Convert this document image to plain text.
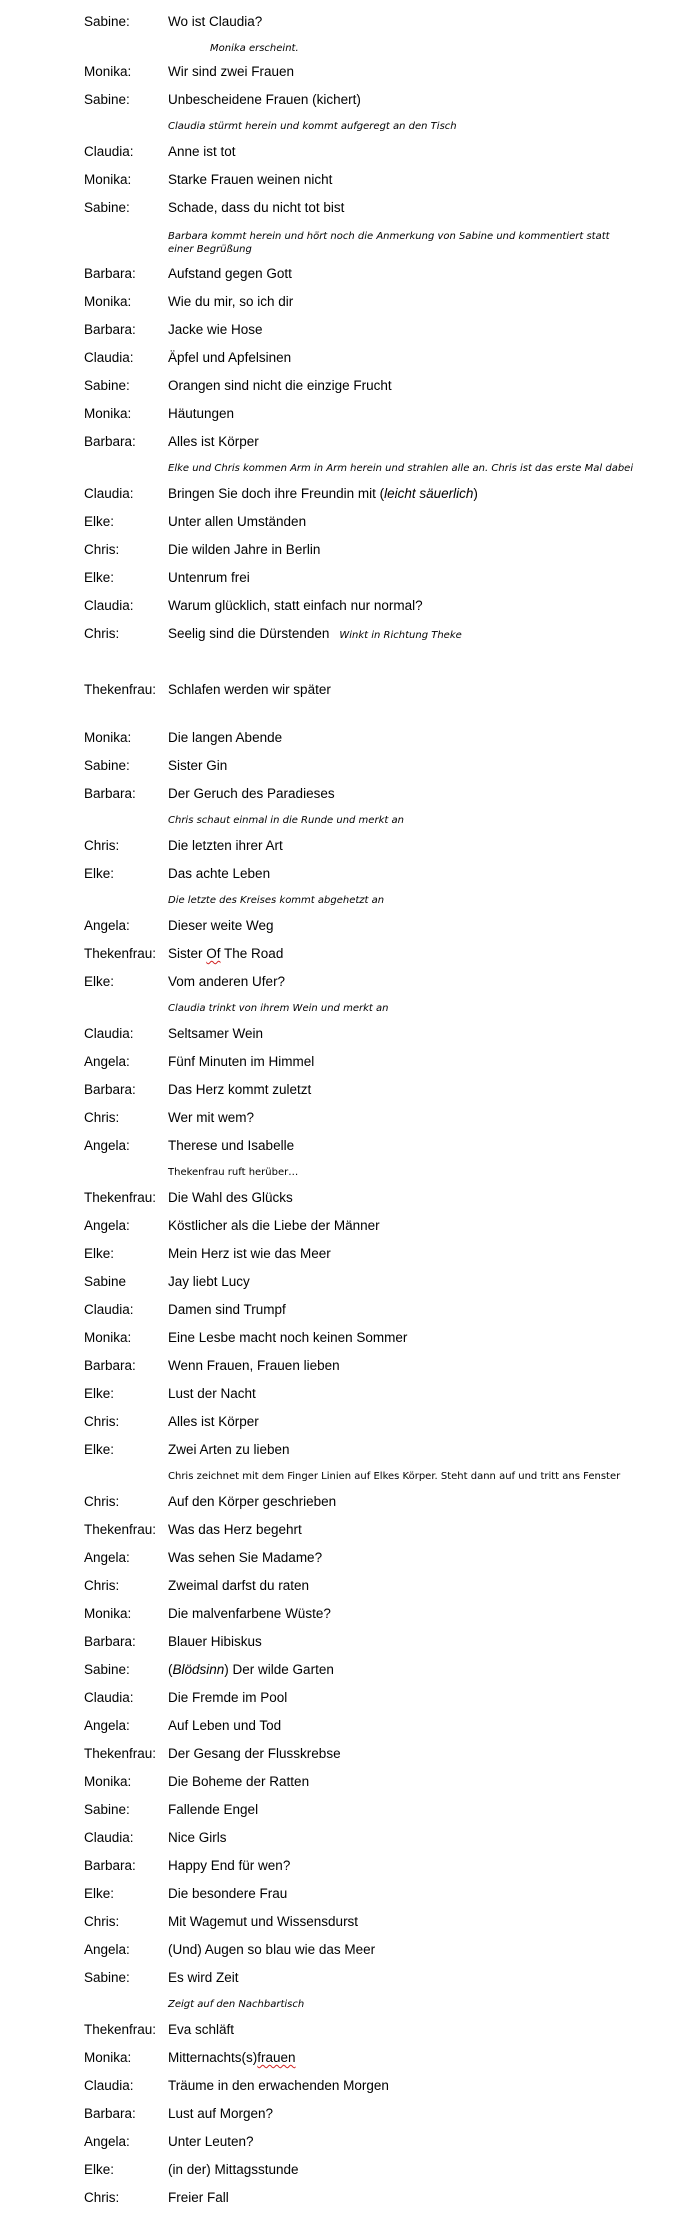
Sabine:	Wo ist Claudia?
Monika erscheint.
Monika:	Wir sind zwei Frauen
Sabine:	Unbescheidene Frauen (kichert)
Claudia stürmt herein und kommt aufgeregt an den Tisch
Claudia:	Anne ist tot
Monika:	Starke Frauen weinen nicht
Sabine:	Schade, dass du nicht tot bist
Barbara kommt herein und hört noch die Anmerkung von Sabine und kommentiert statt einer Begrüßung
Barbara: Aufstand gegen Gott
Monika:	Wie du mir, so ich dir
Barbara: Jacke wie Hose
Claudia:	Äpfel und Apfelsinen
Sabine:	Orangen sind nicht die einzige Frucht
Monika:	Häutungen
Barbara: Alles ist Körper
Elke und Chris kommen Arm in Arm herein und strahlen alle an. Chris ist das erste Mal dabei
Claudia:	Bringen Sie doch ihre Freundin mit (leicht säuerlich)
Elke:	Unter allen Umständen
Chris:	Die wilden Jahre in Berlin
Elke:	Untenrum frei
Claudia:	Warum glücklich, statt einfach nur normal?
Chris:	Seelig sind die Dürstenden Winkt in Richtung Theke
Thekenfrau: Schlafen werden wir später
Monika:	Die langen Abende
Sabine:	Sister Gin
Barbara: Der Geruch des Paradieses
Chris schaut einmal in die Runde und merkt an
Chris:	Die letzten ihrer Art
Elke:	Das achte Leben
Die letzte des Kreises kommt abgehetzt an
Angela:	Dieser weite Weg
Thekenfrau: Sister Of The Road
Elke:	Vom anderen Ufer?
Claudia trinkt von ihrem Wein und merkt an
Claudia:	Seltsamer Wein
Angela:	Fünf Minuten im Himmel
Barbara: Das Herz kommt zuletzt
Chris:	Wer mit wem?
Angela:	Therese und Isabelle
Thekenfrau ruft herüber…
Thekenfrau: Die Wahl des Glücks
Angela:	Köstlicher als die Liebe der Männer
Elke:	Mein Herz ist wie das Meer
Sabine	Jay liebt Lucy
Claudia:	Damen sind Trumpf
Monika:	Eine Lesbe macht noch keinen Sommer
Barbara: Wenn Frauen, Frauen lieben
Elke:	Lust der Nacht
Chris:	Alles ist Körper
Elke:	Zwei Arten zu lieben
Chris zeichnet mit dem Finger Linien auf Elkes Körper. Steht dann auf und tritt ans Fenster
Chris:	Auf den Körper geschrieben
Thekenfrau: Was das Herz begehrt
Angela:	Was sehen Sie Madame?
Chris:	Zweimal darfst du raten
Monika:	Die malvenfarbene Wüste?
Barbara: Blauer Hibiskus
Sabine:	(Blödsinn) Der wilde Garten
Claudia:	Die Fremde im Pool
Angela:	Auf Leben und Tod
Thekenfrau: Der Gesang der Flusskrebse
Monika:	Die Boheme der Ratten
Sabine:	Fallende Engel
Claudia:	Nice Girls
Barbara: Happy End für wen?
Elke:	Die besondere Frau
Chris:	Mit Wagemut und Wissensdurst
Angela:	(Und) Augen so blau wie das Meer
Sabine:	Es wird Zeit
Zeigt auf den Nachbartisch
Thekenfrau: Eva schläft
Monika:	Mitternachts(s)frauen
Claudia:	Träume in den erwachenden Morgen
Barbara: Lust auf Morgen?
Angela:	Unter Leuten?
Elke:	(in der) Mittagsstunde
Chris:	Freier Fall
